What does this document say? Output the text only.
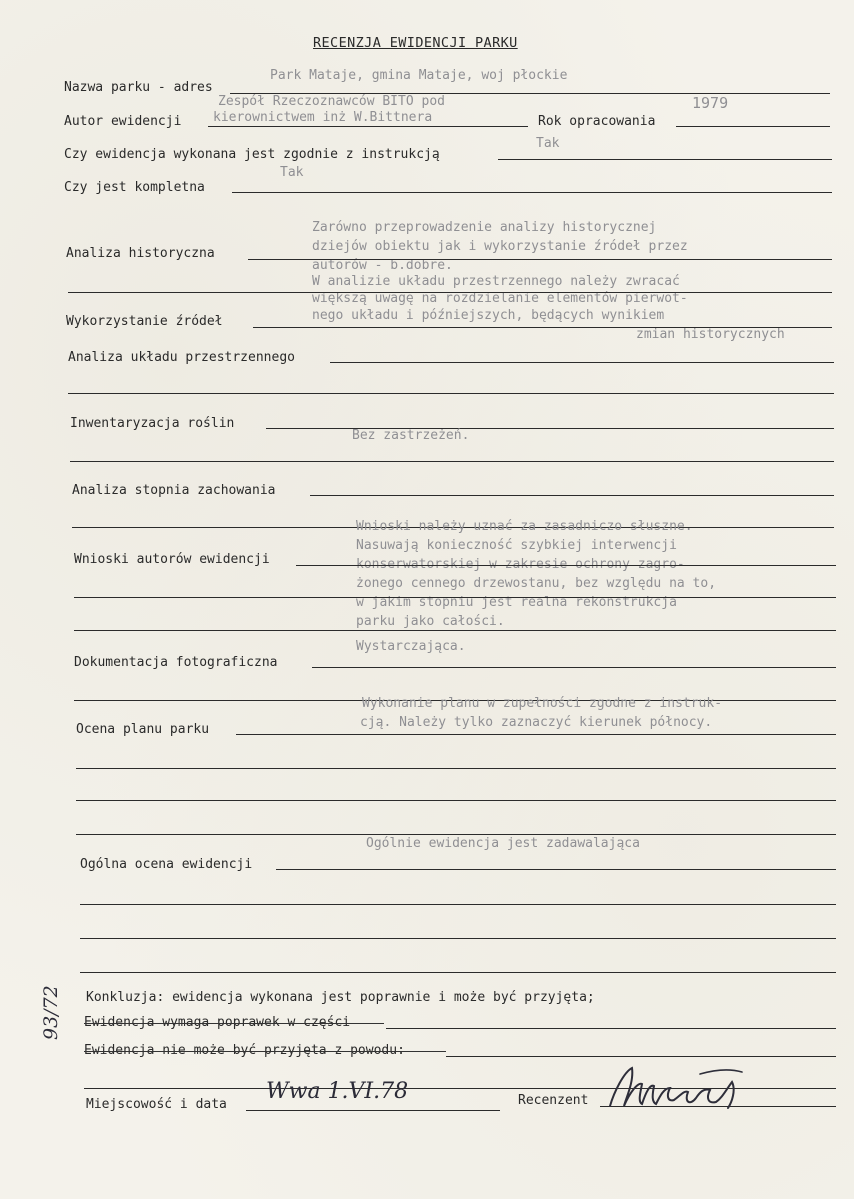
RECENZJA EWIDENCJI PARKU
Nazwa parku - adres
Park Mataje, gmina Mataje, woj płockie
Autor ewidencji
Zespół Rzeczoznawców BITO pod
kierownictwem inż W.Bittnera	Rok opracowania
1979
Czy ewidencja wykonana jest zgodnie z instrukcją
Tak
Czy jest kompletna
Tak
Zarówno przeprowadzenie analizy historycznej
dziejów obiektu jak i wykorzystanie źródeł przez
autorów - b.dobre.
W analizie układu przestrzennego należy zwracać
większą uwagę na rozdzielanie elementów pierwot-
nego układu i późniejszych, będących wynikiem
zmian historycznych
Analiza historyczna
Wykorzystanie źródeł
Analiza układu przestrzennego
Inwentaryzacja roślin
Bez zastrzeżeń.
Analiza stopnia zachowania
Wnioski należy uznać za zasadniczo słuszne.
Nasuwają konieczność szybkiej interwencji
konserwatorskiej w zakresie ochrony zagro-
żonego cennego drzewostanu, bez względu na to,
w jakim stopniu jest realna rekonstrukcja
parku jako całości.
Wnioski autorów ewidencji
Wystarczająca.
Dokumentacja fotograficzna
Wykonanie planu w zupełności zgodne z instruk-
cją. Należy tylko zaznaczyć kierunek północy.
Ocena planu parku
Ogólnie ewidencja jest zadawalająca
Ogólna ocena ewidencji
Konkluzja: ewidencja wykonana jest poprawnie i może być przyjęta;
Ewidencja wymaga poprawek w części
Ewidencja nie może być przyjęta z powodu:
Miejscowość i data
Wwa 1.VI.78	Recenzent
93/72
